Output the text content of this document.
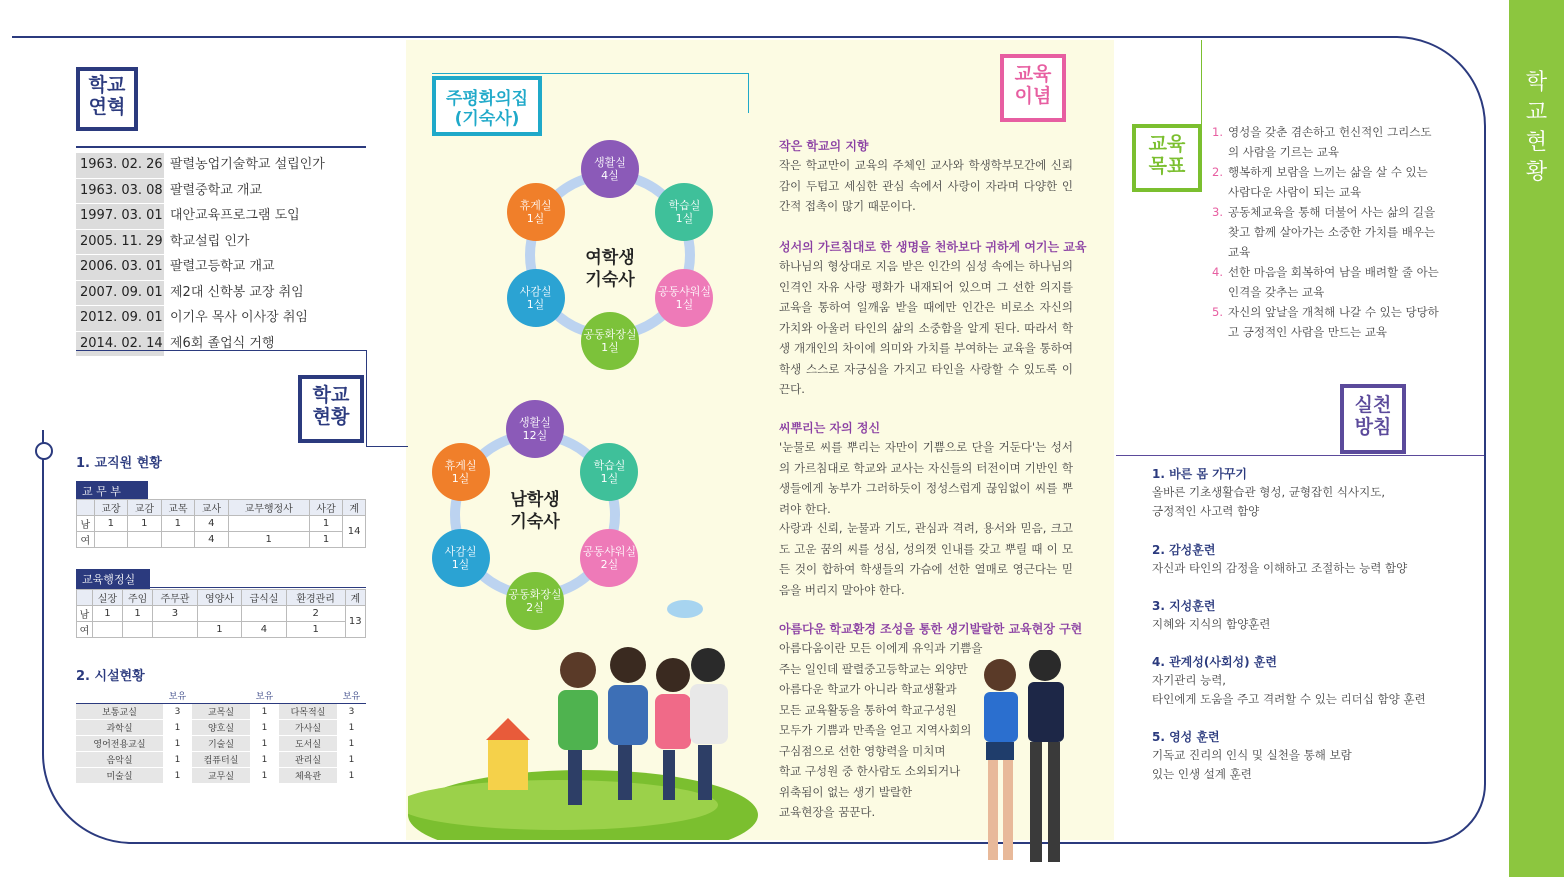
학
교
현
황
학교
연혁
1963. 02. 26 팔렬농업기술학교 설립인가
1963. 03. 08 팔렬중학교 개교
1997. 03. 01 대안교육프로그램 도입
2005. 11. 29 학교설립 인가
2006. 03. 01 팔렬고등학교 개교
2007. 09. 01 제2대 신학봉 교장 취임
2012. 09. 01 이기우 목사 이사장 취임
2014. 02. 14 제6회 졸업식 거행
학교
현황
1. 교직원 현황
교 무 부
	교장	교감	교목	교사	교무행정사	사감	계
남	1	1	1	4		1	14
여				4	1	1	
교육행정실
	실장	주임	주무관	영양사	급식실	환경관리	계
남	1	1	3			2	13
여				1	4	1	
2. 시설현황
	보유		보유		보유
보통교실	3	교목실	1	다목적실	3
과학실	1	양호실	1	가사실	1
영어전용교실	1	기술실	1	도서실	1
음악실	1	컴퓨터실	1	관리실	1
미술실	1	교무실	1	체육관	1
주평화의집
(기숙사)
여학생
기숙사
생활실
4실
학습실
1실
공동샤워실
1실
공동화장실
1실
사감실
1실
휴게실
1실
남학생
기숙사
생활실
12실
학습실
1실
공동샤워실
2실
공동화장실
2실
사감실
1실
휴게실
1실
교육
이념
작은 학교의 지향
작은 학교만이 교육의 주체인 교사와 학생학부모간에 신뢰감이 두텁고 세심한 관심 속에서 사랑이 자라며 다양한 인간적 접촉이 많기 때문이다.
성서의 가르침대로 한 생명을 천하보다 귀하게 여기는 교육
하나님의 형상대로 지음 받은 인간의 심성 속에는 하나님의 인격인 자유 사랑 평화가 내재되어 있으며 그 선한 의지를 교육을 통하여 일깨움 받을 때에만 인간은 비로소 자신의 가치와 아울러 타인의 삶의 소중함을 알게 된다. 따라서 학생 개개인의 차이에 의미와 가치를 부여하는 교육을 통하여 학생 스스로 자긍심을 가지고 타인을 사랑할 수 있도록 이끈다.
씨뿌리는 자의 정신
'눈물로 씨를 뿌리는 자만이 기쁨으로 단을 거둔다'는 성서의 가르침대로 학교와 교사는 자신들의 터전이며 기반인 학생들에게 농부가 그러하듯이 정성스럽게 끊임없이 씨를 뿌려야 한다.
사랑과 신뢰, 눈물과 기도, 관심과 격려, 용서와 믿음, 크고도 고운 꿈의 씨를 성심, 성의껏 인내를 갖고 뿌릴 때 이 모든 것이 합하여 학생들의 가슴에 선한 열매로 영근다는 믿음을 버리지 말아야 한다.
아름다운 학교환경 조성을 통한 생기발랄한 교육현장 구현
아름다움이란 모든 이에게 유익과 기쁨을
주는 일인데 팔렬중고등학교는 외양만
아름다운 학교가 아니라 학교생활과
모든 교육활동을 통하여 학교구성원
모두가 기쁨과 만족을 얻고 지역사회의
구심점으로 선한 영향력을 미치며
학교 구성원 중 한사람도 소외되거나
위축됨이 없는 생기 발랄한
교육현장을 꿈꾼다.
교육
목표
1. 영성을 갖춘 겸손하고 헌신적인 그리스도의 사람을 기르는 교육
2. 행복하게 보람을 느끼는 삶을 살 수 있는 사람다운 사람이 되는 교육
3. 공동체교육을 통해 더불어 사는 삶의 길을 찾고 함께 살아가는 소중한 가치를 배우는 교육
4. 선한 마음을 회복하여 남을 배려할 줄 아는 인격을 갖추는 교육
5. 자신의 앞날을 개척해 나갈 수 있는 당당하고 긍정적인 사람을 만드는 교육
실천
방침
1. 바른 몸 가꾸기
올바른 기초생활습관 형성, 균형잡힌 식사지도,
긍정적인 사고력 함양
2. 감성훈련
자신과 타인의 감정을 이해하고 조절하는 능력 함양
3. 지성훈련
지혜와 지식의 함양훈련
4. 관계성(사회성) 훈련
자기관리 능력,
타인에게 도움을 주고 격려할 수 있는 리더십 함양 훈련
5. 영성 훈련
기독교 진리의 인식 및 실천을 통해 보람
있는 인생 설계 훈련
